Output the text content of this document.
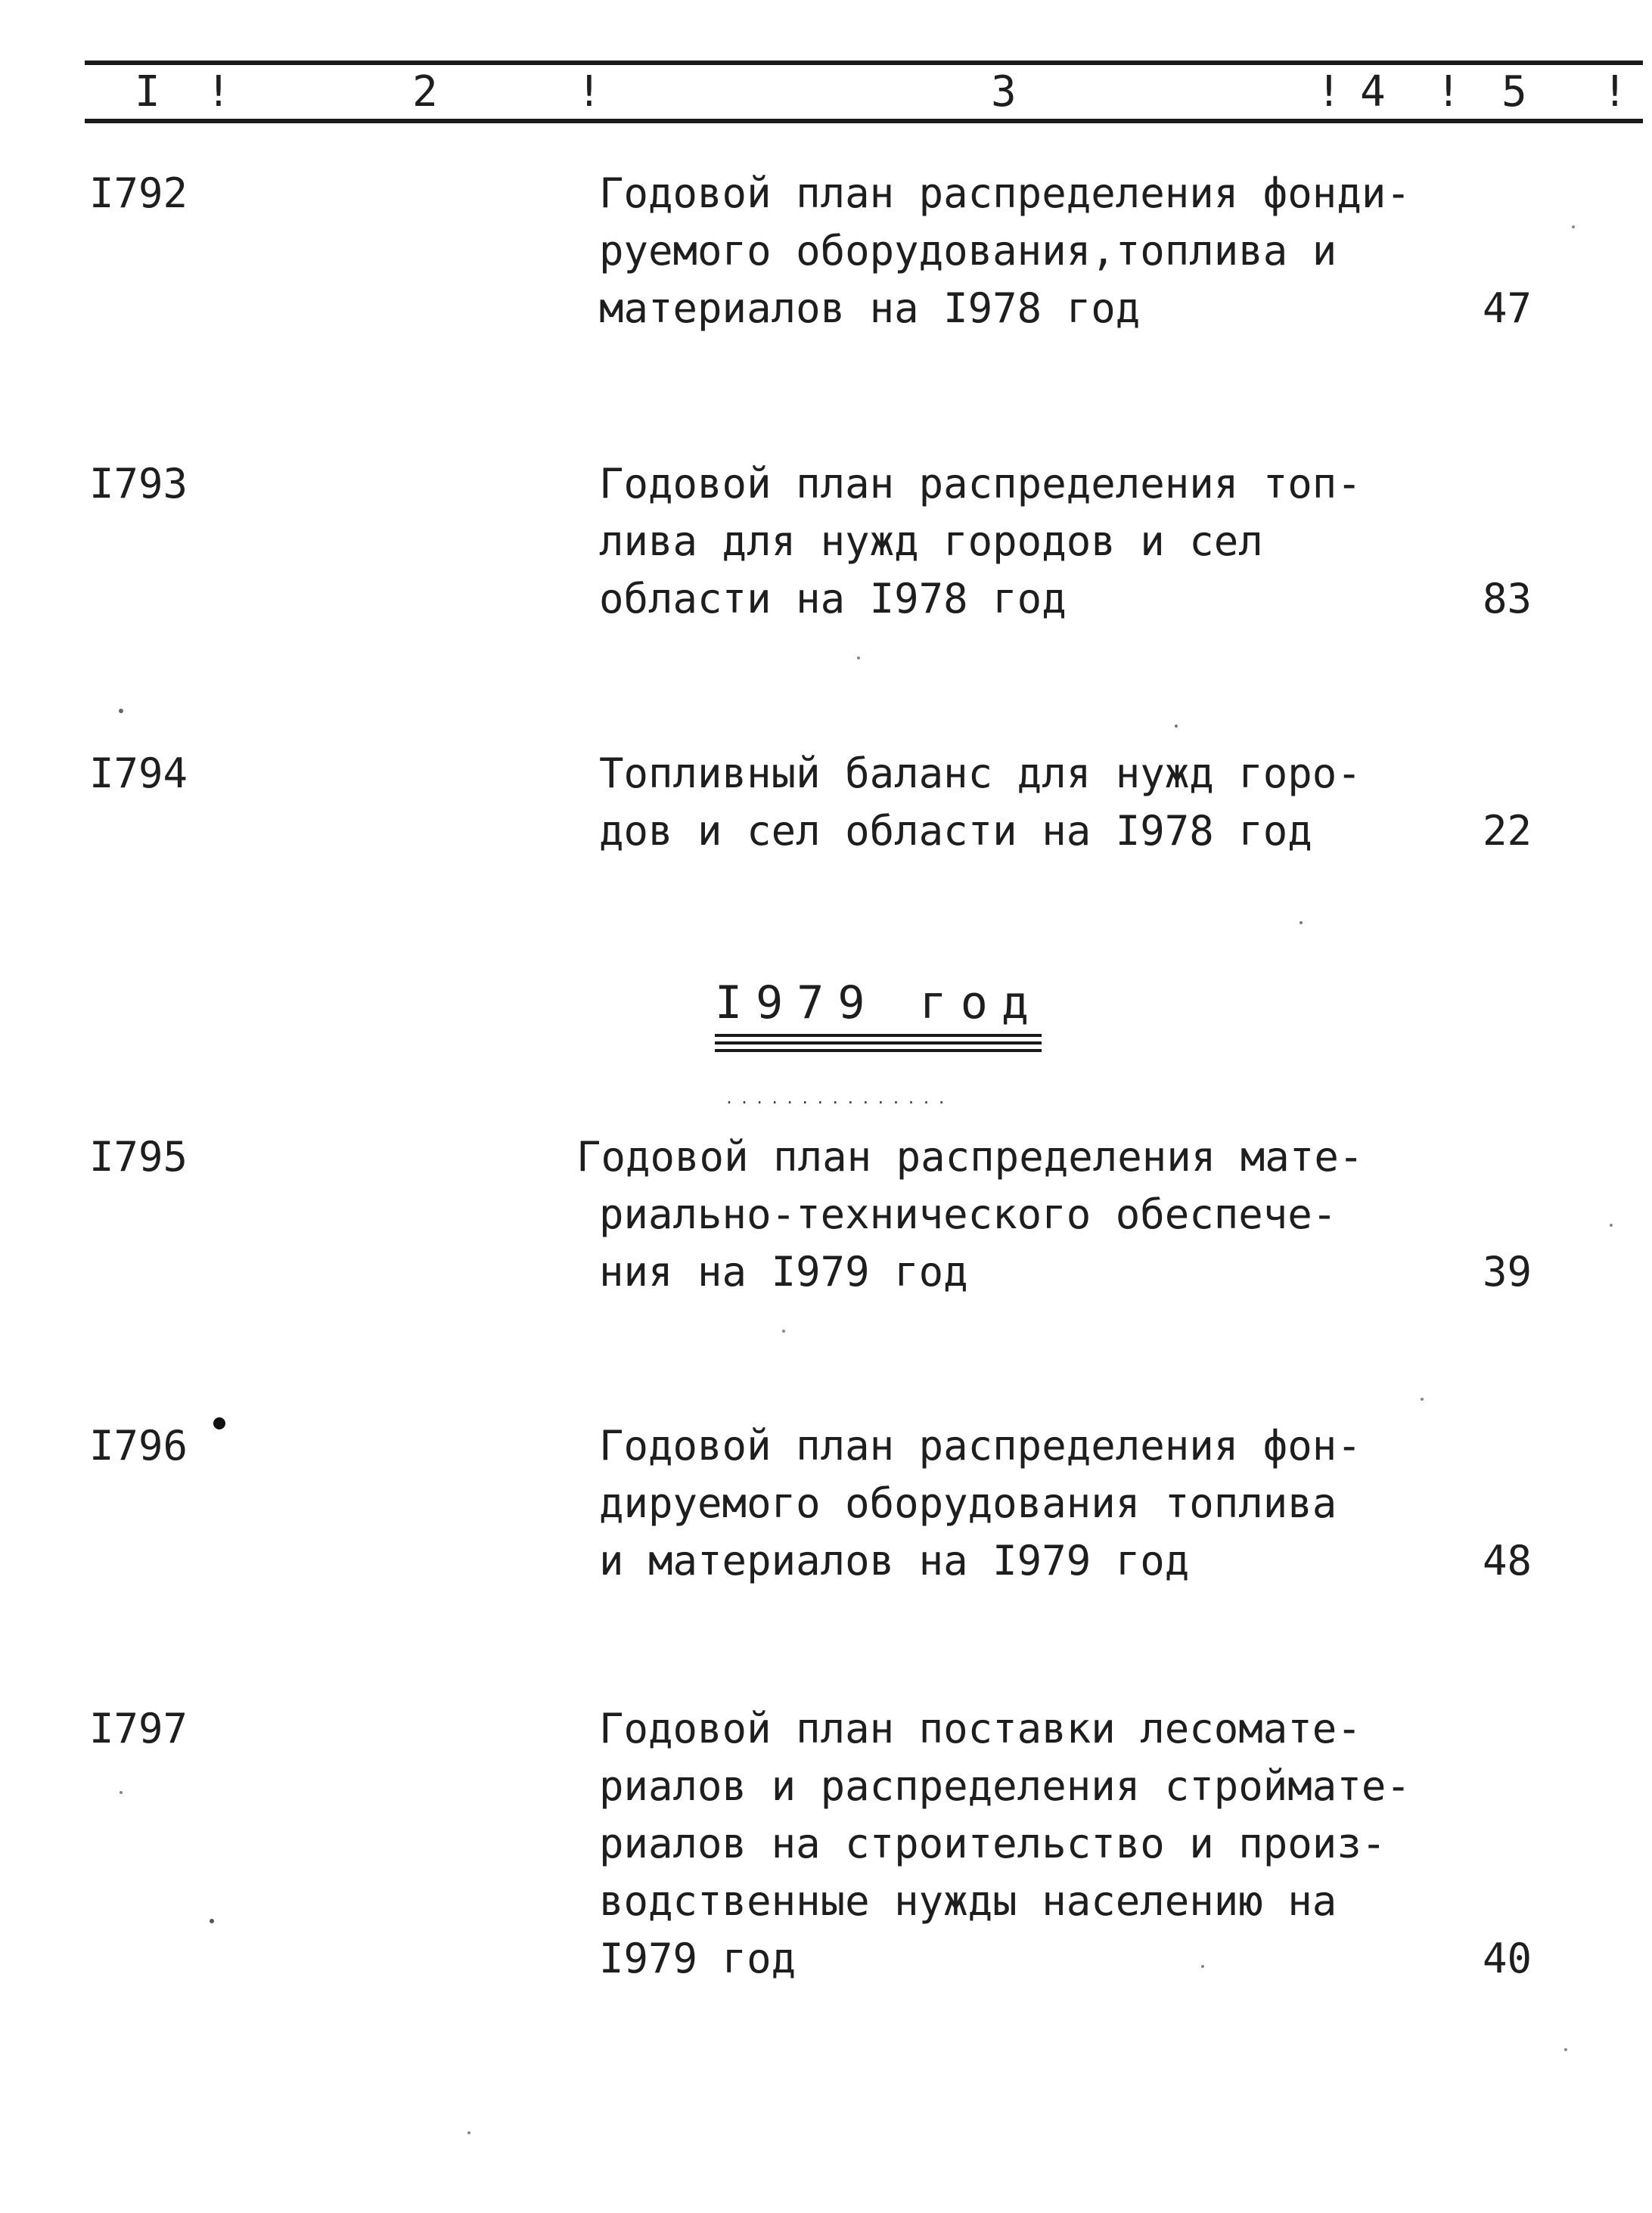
I !	2	!	3	! 4 ! 5 !
I792	Годовой план распределения фонди-
руемого оборудования,топлива и
материалов на I978 год	47
I793	Годовой план распределения топ-
лива для нужд городов и сел
области на I978 год	83
I794	Топливный баланс для нужд горо-
дов и сел области на I978 год	22
I979 год
...............
I795	Годовой план распределения мате-
риально-технического обеспече-
ния на I979 год	39
I796	Годовой план распределения фон-
дируемого оборудования топлива
и материалов на I979 год	48
I797	Годовой план поставки лесомате-
риалов и распределения строймате-
риалов на строительство и произ-
водственные нужды населению на
I979 год	40
